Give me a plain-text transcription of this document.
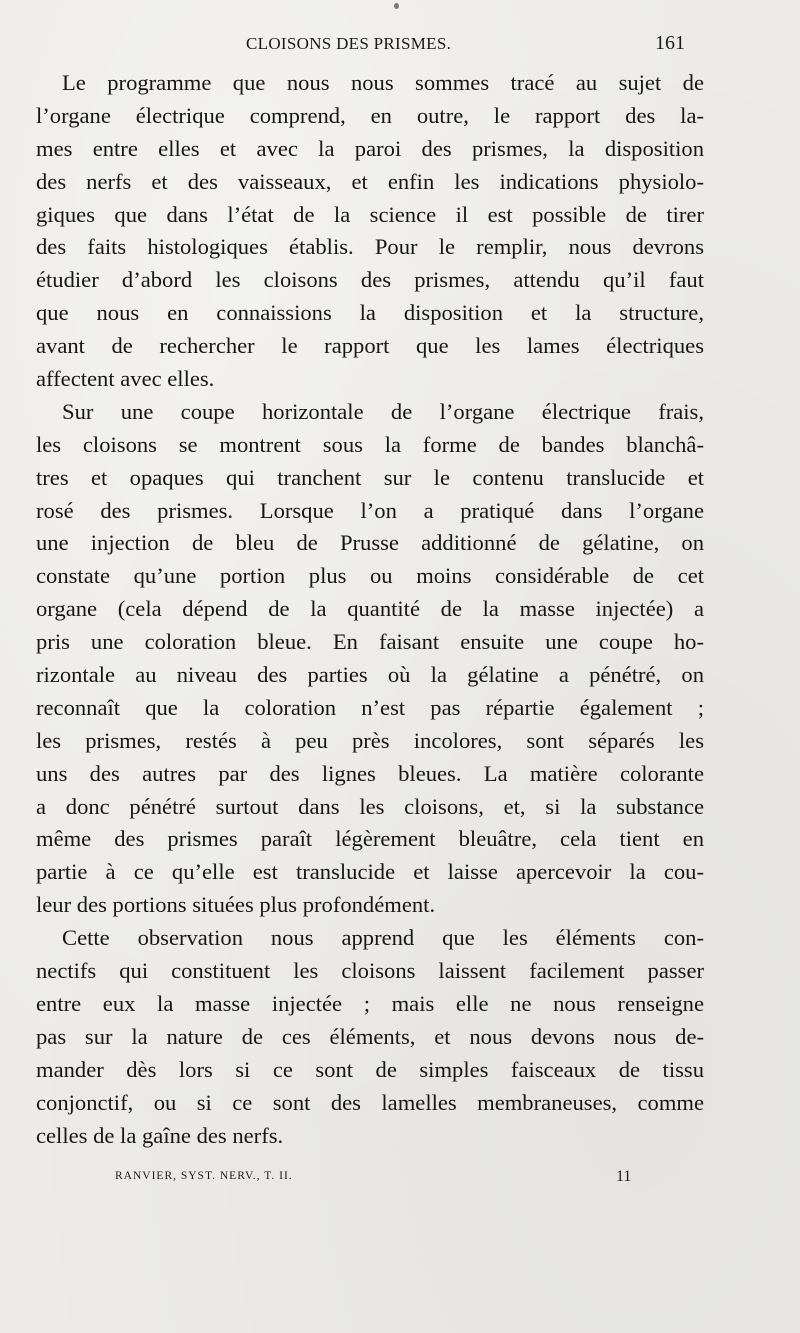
CLOISONS DES PRISMES.	161
Le programme que nous nous sommes tracé au sujet de
l’organe électrique comprend, en outre, le rapport des la-
mes entre elles et avec la paroi des prismes, la disposition
des nerfs et des vaisseaux, et enfin les indications physiolo-
giques que dans l’état de la science il est possible de tirer
des faits histologiques établis. Pour le remplir, nous devrons
étudier d’abord les cloisons des prismes, attendu qu’il faut
que nous en connaissions la disposition et la structure,
avant de rechercher le rapport que les lames électriques
affectent avec elles.
Sur une coupe horizontale de l’organe électrique frais,
les cloisons se montrent sous la forme de bandes blanchâ-
tres et opaques qui tranchent sur le contenu translucide et
rosé des prismes. Lorsque l’on a pratiqué dans l’organe
une injection de bleu de Prusse additionné de gélatine, on
constate qu’une portion plus ou moins considérable de cet
organe (cela dépend de la quantité de la masse injectée) a
pris une coloration bleue. En faisant ensuite une coupe ho-
rizontale au niveau des parties où la gélatine a pénétré, on
reconnaît que la coloration n’est pas répartie également ;
les prismes, restés à peu près incolores, sont séparés les
uns des autres par des lignes bleues. La matière colorante
a donc pénétré surtout dans les cloisons, et, si la substance
même des prismes paraît légèrement bleuâtre, cela tient en
partie à ce qu’elle est translucide et laisse apercevoir la cou-
leur des portions situées plus profondément.
Cette observation nous apprend que les éléments con-
nectifs qui constituent les cloisons laissent facilement passer
entre eux la masse injectée ; mais elle ne nous renseigne
pas sur la nature de ces éléments, et nous devons nous de-
mander dès lors si ce sont de simples faisceaux de tissu
conjonctif, ou si ce sont des lamelles membraneuses, comme
celles de la gaîne des nerfs.
RANVIER, SYST. NERV., T. II.	11
